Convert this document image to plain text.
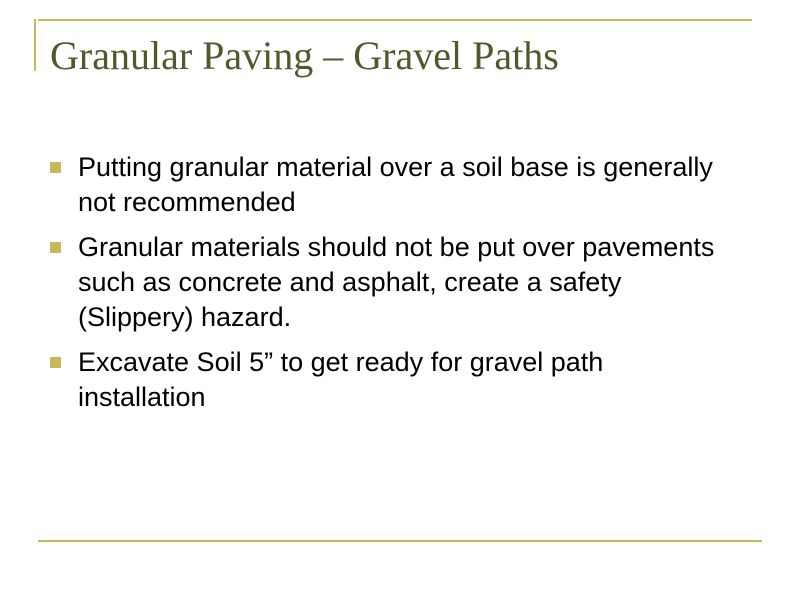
Granular Paving – Gravel Paths
Putting granular material over a soil base is generally not recommended
Granular materials should not be put over pavements such as concrete and asphalt, create a safety (Slippery) hazard.
Excavate Soil 5” to get ready for gravel path installation
